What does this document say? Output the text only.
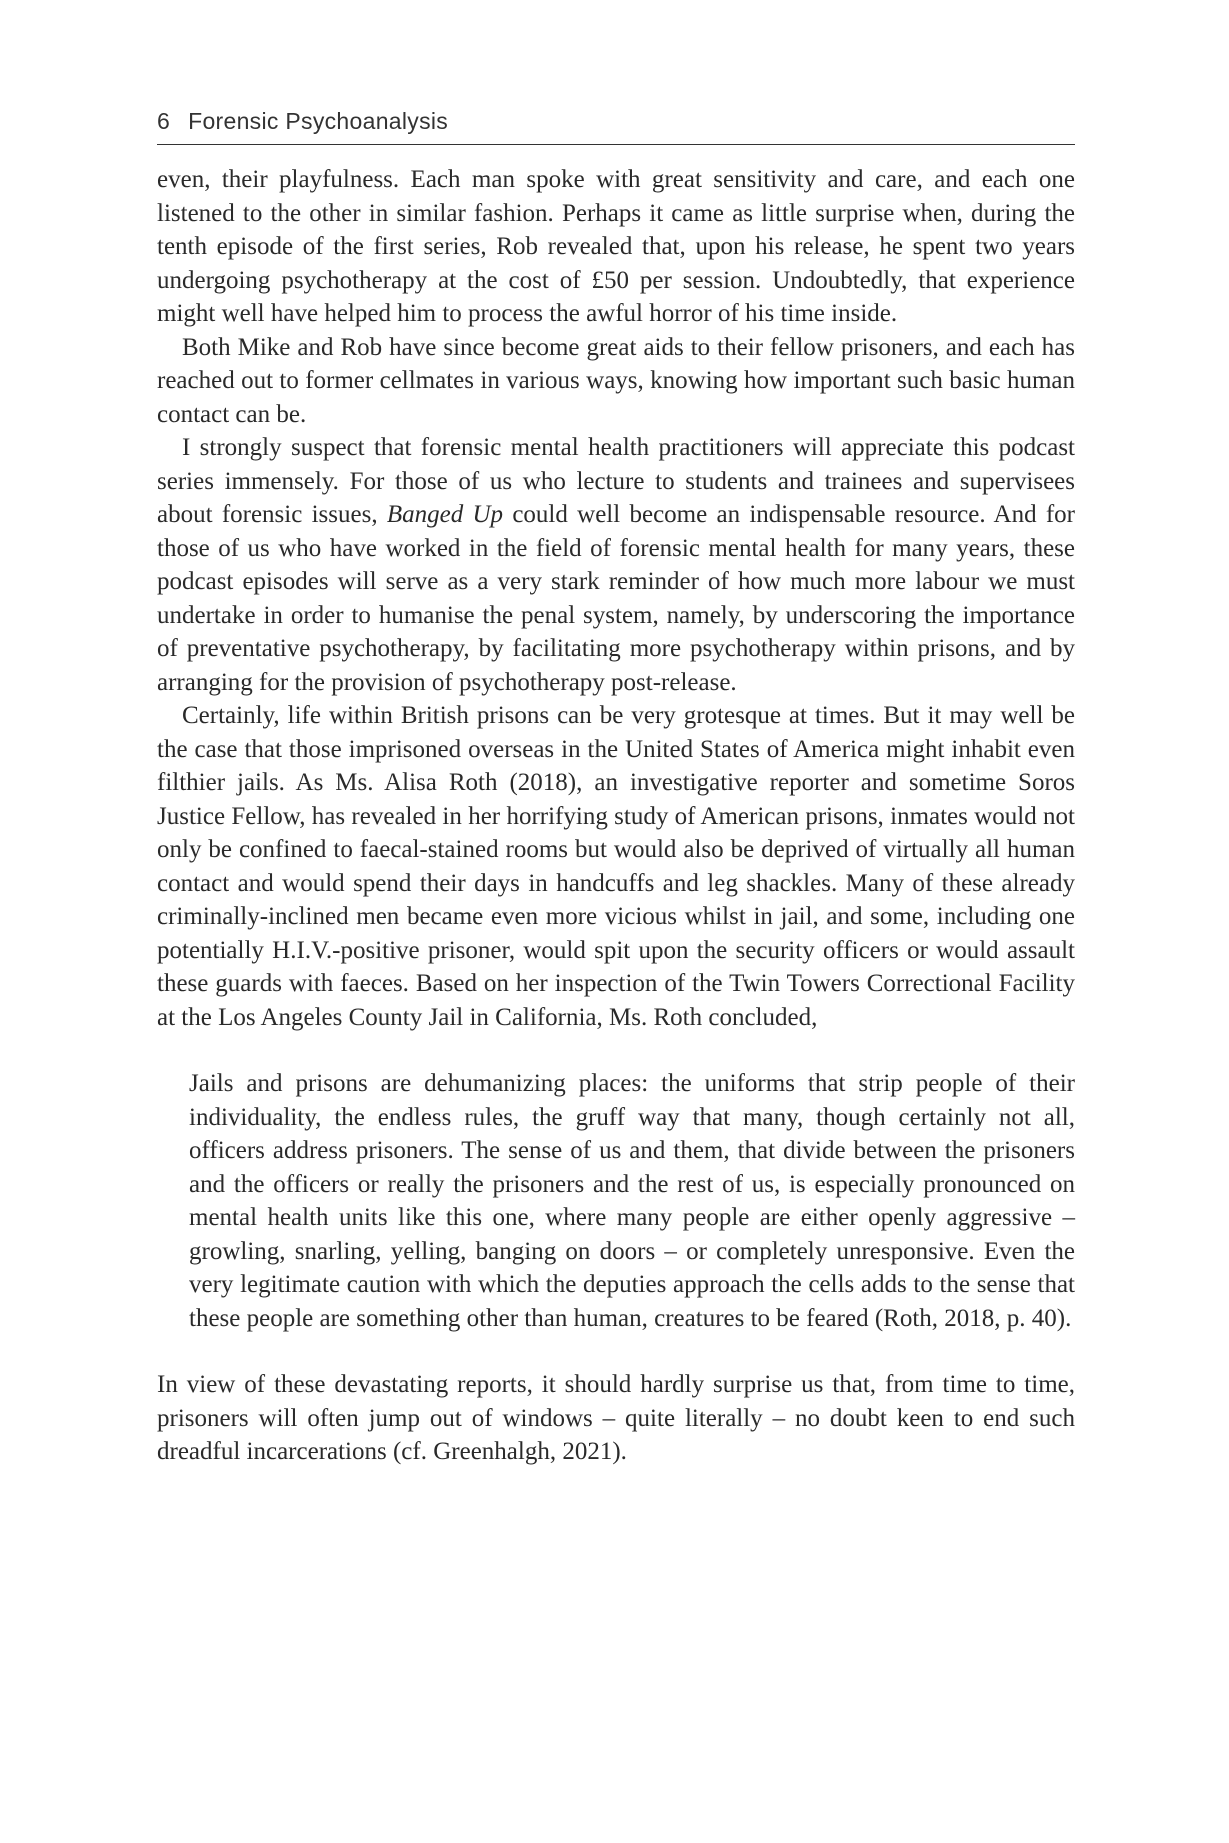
6 Forensic Psychoanalysis

even, their playfulness. Each man spoke with great sensitivity and care, and each one listened to the other in similar fashion. Perhaps it came as little surprise when, during the tenth episode of the first series, Rob revealed that, upon his release, he spent two years undergoing psychotherapy at the cost of £50 per session. Undoubtedly, that experience might well have helped him to process the awful horror of his time inside.

Both Mike and Rob have since become great aids to their fellow prisoners, and each has reached out to former cellmates in various ways, knowing how important such basic human contact can be.

I strongly suspect that forensic mental health practitioners will appreciate this podcast series immensely. For those of us who lecture to students and trainees and supervisees about forensic issues, Banged Up could well become an indispensable resource. And for those of us who have worked in the field of forensic mental health for many years, these podcast episodes will serve as a very stark reminder of how much more labour we must undertake in order to humanise the penal system, namely, by underscoring the importance of preventative psychotherapy, by facilitating more psychotherapy within prisons, and by arranging for the provision of psychotherapy post-release.

Certainly, life within British prisons can be very grotesque at times. But it may well be the case that those imprisoned overseas in the United States of America might inhabit even filthier jails. As Ms. Alisa Roth (2018), an investigative reporter and sometime Soros Justice Fellow, has revealed in her horrifying study of American prisons, inmates would not only be confined to faecal-stained rooms but would also be deprived of virtually all human contact and would spend their days in handcuffs and leg shackles. Many of these already criminally-inclined men became even more vicious whilst in jail, and some, including one potentially H.I.V.-positive prisoner, would spit upon the security officers or would assault these guards with faeces. Based on her inspection of the Twin Towers Correctional Facility at the Los Angeles County Jail in California, Ms. Roth concluded,

Jails and prisons are dehumanizing places: the uniforms that strip people of their individuality, the endless rules, the gruff way that many, though certainly not all, officers address prisoners. The sense of us and them, that divide between the prisoners and the officers or really the prisoners and the rest of us, is especially pronounced on mental health units like this one, where many people are either openly aggressive – growling, snarling, yelling, banging on doors – or completely unresponsive. Even the very legitimate caution with which the deputies approach the cells adds to the sense that these people are something other than human, creatures to be feared (Roth, 2018, p. 40).

In view of these devastating reports, it should hardly surprise us that, from time to time, prisoners will often jump out of windows – quite literally – no doubt keen to end such dreadful incarcerations (cf. Greenhalgh, 2021).
